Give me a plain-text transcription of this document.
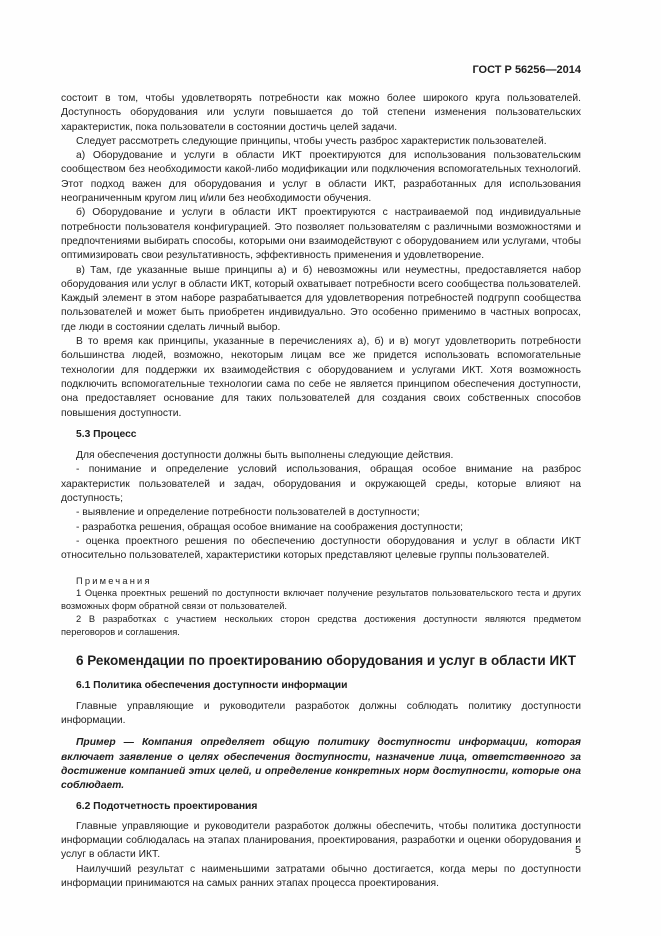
ГОСТ Р 56256—2014

состоит в том, чтобы удовлетворять потребности как можно более широкого круга пользователей. Доступность оборудования или услуги повышается до той степени изменения пользовательских характеристик, пока пользователи в состоянии достичь целей задачи.

Следует рассмотреть следующие принципы, чтобы учесть разброс характеристик пользователей.

а) Оборудование и услуги в области ИКТ проектируются для использования пользовательским сообществом без необходимости какой-либо модификации или подключения вспомогательных технологий. Этот подход важен для оборудования и услуг в области ИКТ, разработанных для использования неограниченным кругом лиц и/или без необходимости обучения.

б) Оборудование и услуги в области ИКТ проектируются с настраиваемой под индивидуальные потребности пользователя конфигурацией. Это позволяет пользователям с различными возможностями и предпочтениями выбирать способы, которыми они взаимодействуют с оборудованием или услугами, чтобы оптимизировать свои результативность, эффективность применения и удовлетворение.

в) Там, где указанные выше принципы а) и б) невозможны или неуместны, предоставляется набор оборудования или услуг в области ИКТ, который охватывает потребности всего сообщества пользователей. Каждый элемент в этом наборе разрабатывается для удовлетворения потребностей подгрупп сообщества пользователей и может быть приобретен индивидуально. Это особенно применимо в частных вопросах, где люди в состоянии сделать личный выбор.

В то время как принципы, указанные в перечислениях а), б) и в) могут удовлетворить потребности большинства людей, возможно, некоторым лицам все же придется использовать вспомогательные технологии для поддержки их взаимодействия с оборудованием и услугами ИКТ. Хотя возможность подключить вспомогательные технологии сама по себе не является принципом обеспечения доступности, она предоставляет основание для таких пользователей для создания своих собственных способов повышения доступности.

5.3 Процесс

Для обеспечения доступности должны быть выполнены следующие действия.

- понимание и определение условий использования, обращая особое внимание на разброс характеристик пользователей и задач, оборудования и окружающей среды, которые влияют на доступность;

- выявление и определение потребности пользователей в доступности;

- разработка решения, обращая особое внимание на соображения доступности;

- оценка проектного решения по обеспечению доступности оборудования и услуг в области ИКТ относительно пользователей, характеристики которых представляют целевые группы пользователей.

Примечания

1 Оценка проектных решений по доступности включает получение результатов пользовательского теста и других возможных форм обратной связи от пользователей.

2 В разработках с участием нескольких сторон средства достижения доступности являются предметом переговоров и соглашения.

6 Рекомендации по проектированию оборудования и услуг в области ИКТ

6.1 Политика обеспечения доступности информации

Главные управляющие и руководители разработок должны соблюдать политику доступности информации.

Пример — Компания определяет общую политику доступности информации, которая включает заявление о целях обеспечения доступности, назначение лица, ответственного за достижение компанией этих целей, и определение конкретных норм доступности, которые она соблюдает.

6.2 Подотчетность проектирования

Главные управляющие и руководители разработок должны обеспечить, чтобы политика доступности информации соблюдалась на этапах планирования, проектирования, разработки и оценки оборудования и услуг в области ИКТ.

Наилучший результат с наименьшими затратами обычно достигается, когда меры по доступности информации принимаются на самых ранних этапах процесса проектирования.

5
